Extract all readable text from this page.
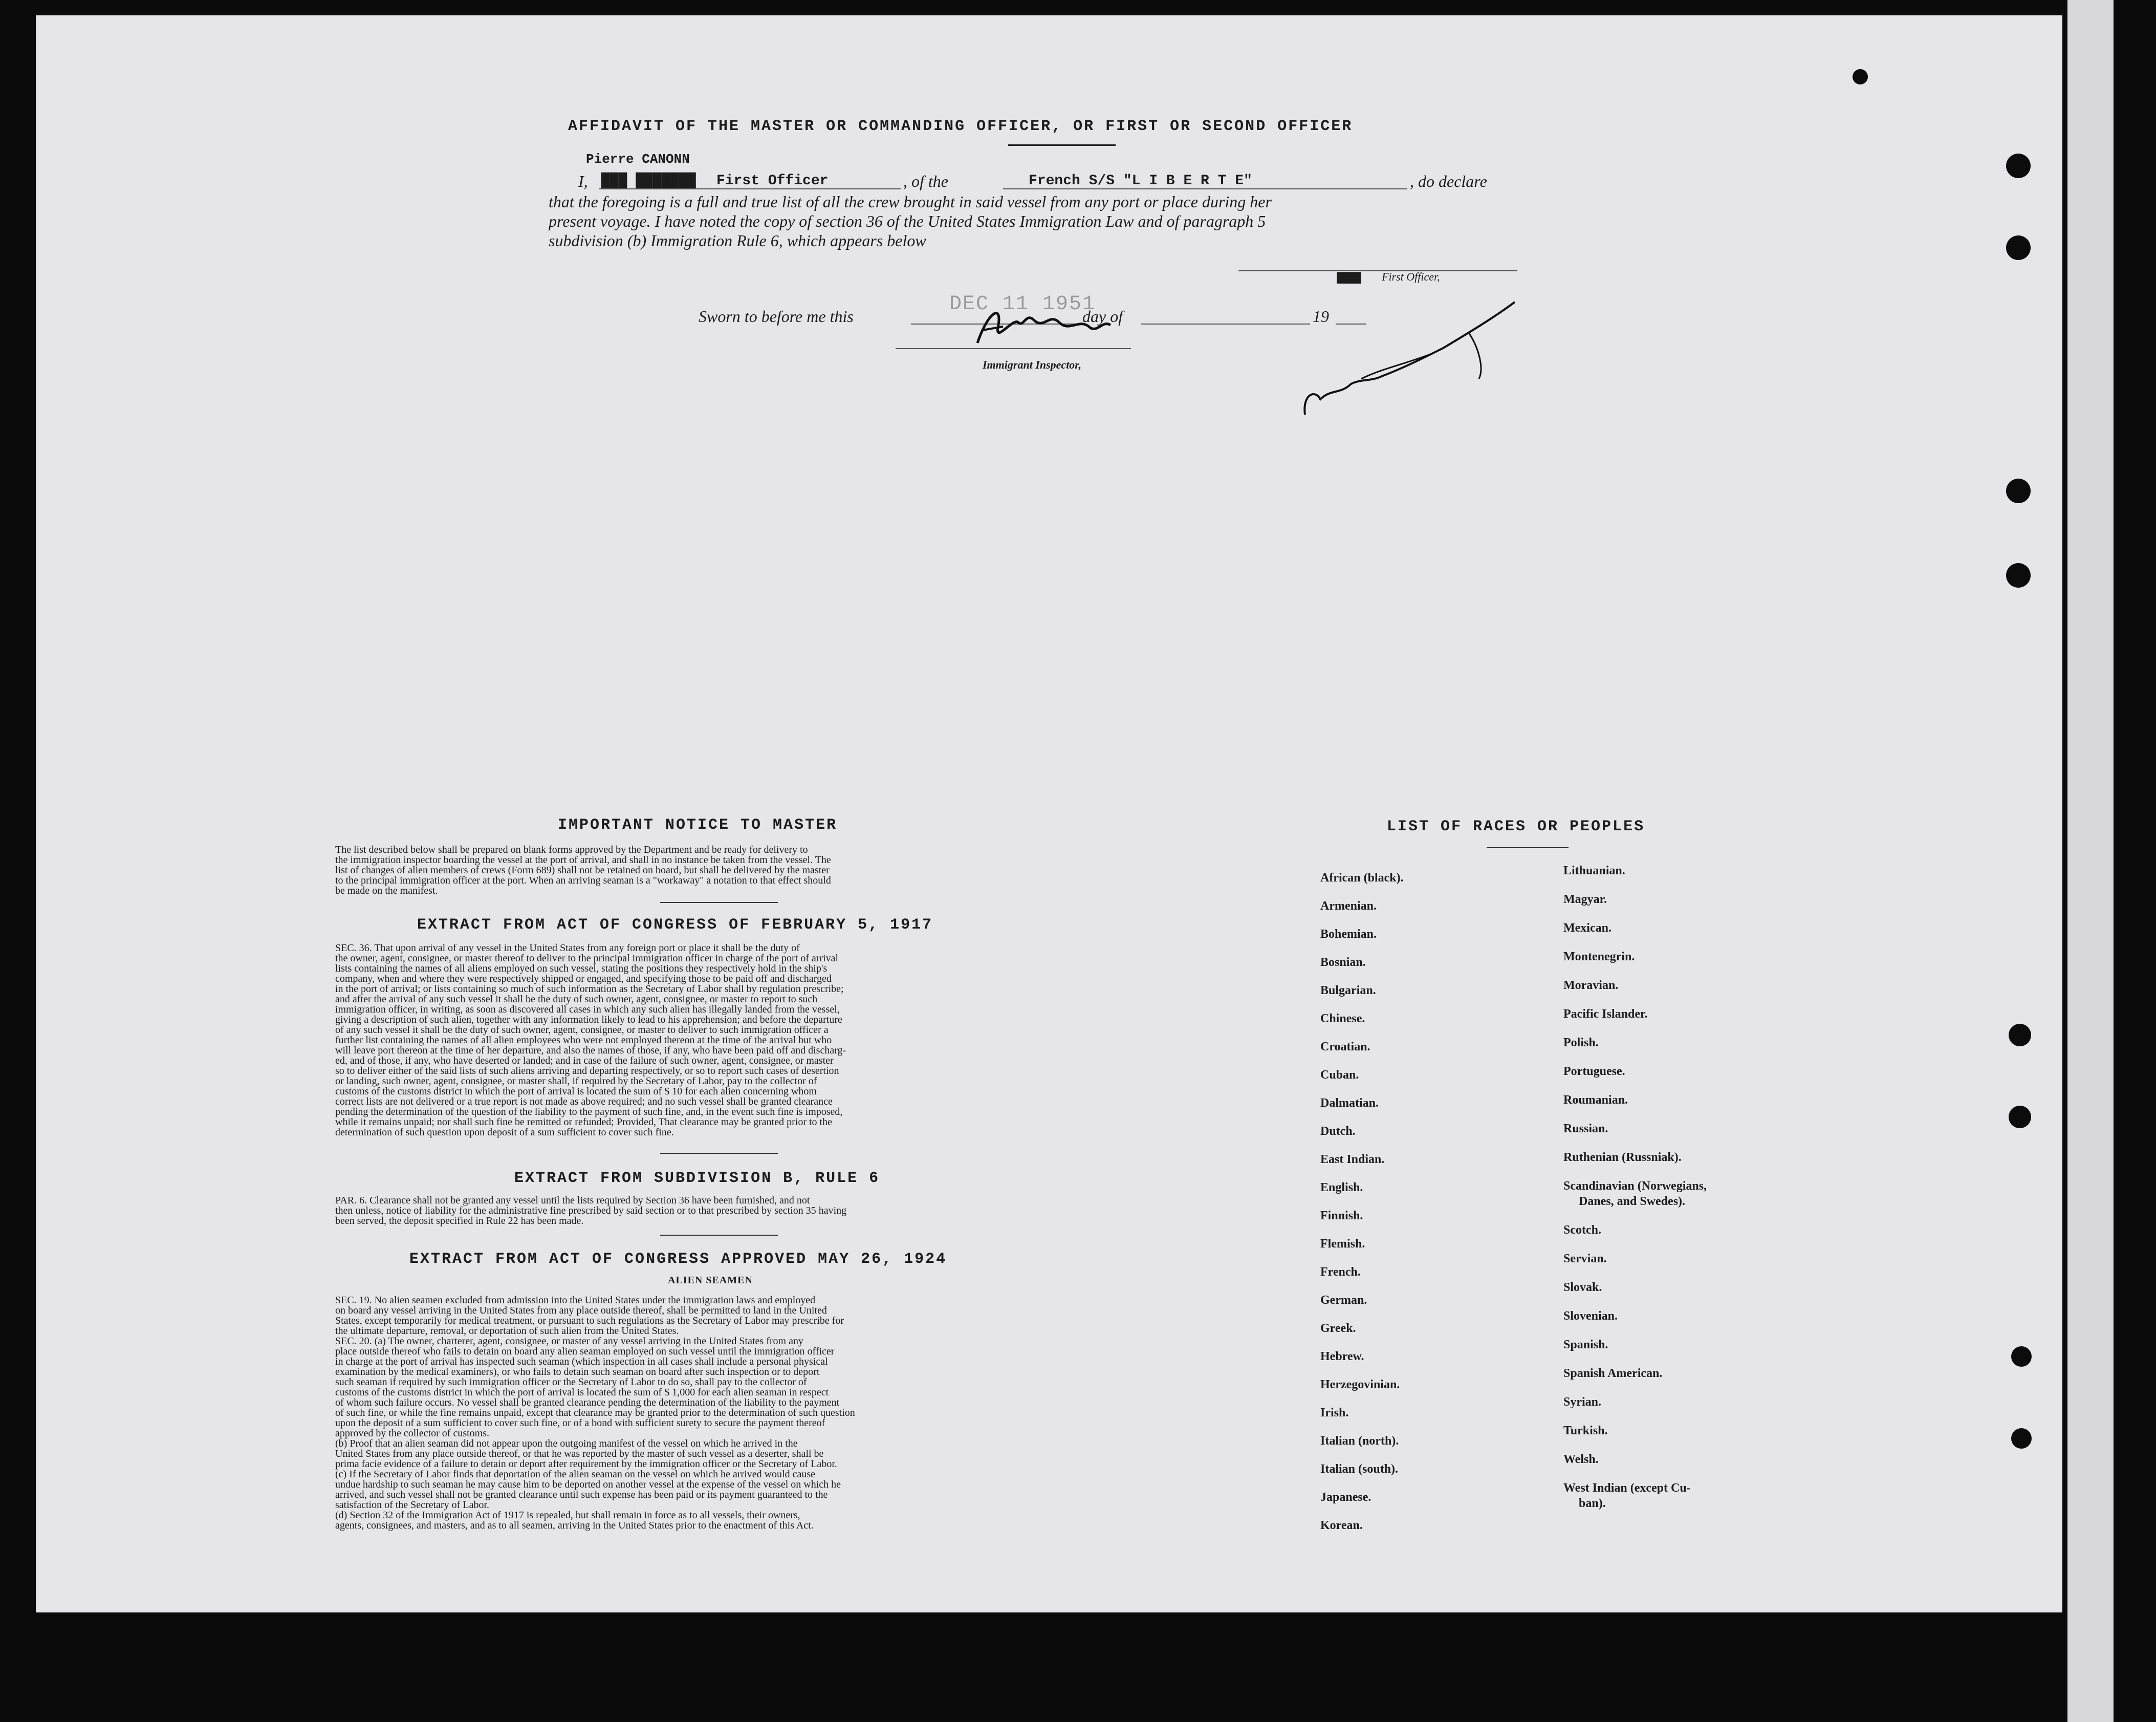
AFFIDAVIT OF THE MASTER OR COMMANDING OFFICER, OR FIRST OR SECOND OFFICER
Pierre CANONN
I, ███ ███████ First Officer	, of the	French S/S "L I B E R T E"	, do declare
that the foregoing is a full and true list of all the crew brought in said vessel from any port or place during her
present voyage. I have noted the copy of section 36 of the United States Immigration Law and of paragraph 5
subdivision (b) Immigration Rule 6, which appears below
████ First Officer,
Sworn to before me this
DEC 11 1951
day of	19
Immigrant Inspector,
IMPORTANT NOTICE TO MASTER
The list described below shall be prepared on blank forms approved by the Department and be ready for delivery to
the immigration inspector boarding the vessel at the port of arrival, and shall in no instance be taken from the vessel. The
list of changes of alien members of crews (Form 689) shall not be retained on board, but shall be delivered by the master
to the principal immigration officer at the port. When an arriving seaman is a "workaway" a notation to that effect should
be made on the manifest.
EXTRACT FROM ACT OF CONGRESS OF FEBRUARY 5, 1917
SEC. 36. That upon arrival of any vessel in the United States from any foreign port or place it shall be the duty of
the owner, agent, consignee, or master thereof to deliver to the principal immigration officer in charge of the port of arrival
lists containing the names of all aliens employed on such vessel, stating the positions they respectively hold in the ship's
company, when and where they were respectively shipped or engaged, and specifying those to be paid off and discharged
in the port of arrival; or lists containing so much of such information as the Secretary of Labor shall by regulation prescribe;
and after the arrival of any such vessel it shall be the duty of such owner, agent, consignee, or master to report to such
immigration officer, in writing, as soon as discovered all cases in which any such alien has illegally landed from the vessel,
giving a description of such alien, together with any information likely to lead to his apprehension; and before the departure
of any such vessel it shall be the duty of such owner, agent, consignee, or master to deliver to such immigration officer a
further list containing the names of all alien employees who were not employed thereon at the time of the arrival but who
will leave port thereon at the time of her departure, and also the names of those, if any, who have been paid off and discharg-
ed, and of those, if any, who have deserted or landed; and in case of the failure of such owner, agent, consignee, or master
so to deliver either of the said lists of such aliens arriving and departing respectively, or so to report such cases of desertion
or landing, such owner, agent, consignee, or master shall, if required by the Secretary of Labor, pay to the collector of
customs of the customs district in which the port of arrival is located the sum of $ 10 for each alien concerning whom
correct lists are not delivered or a true report is not made as above required; and no such vessel shall be granted clearance
pending the determination of the question of the liability to the payment of such fine, and, in the event such fine is imposed,
while it remains unpaid; nor shall such fine be remitted or refunded; Provided, That clearance may be granted prior to the
determination of such question upon deposit of a sum sufficient to cover such fine.
EXTRACT FROM SUBDIVISION B, RULE 6
PAR. 6. Clearance shall not be granted any vessel until the lists required by Section 36 have been furnished, and not
then unless, notice of liability for the administrative fine prescribed by said section or to that prescribed by section 35 having
been served, the deposit specified in Rule 22 has been made.
EXTRACT FROM ACT OF CONGRESS APPROVED MAY 26, 1924
ALIEN SEAMEN
SEC. 19. No alien seamen excluded from admission into the United States under the immigration laws and employed
on board any vessel arriving in the United States from any place outside thereof, shall be permitted to land in the United
States, except temporarily for medical treatment, or pursuant to such regulations as the Secretary of Labor may prescribe for
the ultimate departure, removal, or deportation of such alien from the United States.
SEC. 20. (a) The owner, charterer, agent, consignee, or master of any vessel arriving in the United States from any
place outside thereof who fails to detain on board any alien seaman employed on such vessel until the immigration officer
in charge at the port of arrival has inspected such seaman (which inspection in all cases shall include a personal physical
examination by the medical examiners), or who fails to detain such seaman on board after such inspection or to deport
such seaman if required by such immigration officer or the Secretary of Labor to do so, shall pay to the collector of
customs of the customs district in which the port of arrival is located the sum of $ 1,000 for each alien seaman in respect
of whom such failure occurs. No vessel shall be granted clearance pending the determination of the liability to the payment
of such fine, or while the fine remains unpaid, except that clearance may be granted prior to the determination of such question
upon the deposit of a sum sufficient to cover such fine, or of a bond with sufficient surety to secure the payment thereof
approved by the collector of customs.
(b) Proof that an alien seaman did not appear upon the outgoing manifest of the vessel on which he arrived in the
United States from any place outside thereof, or that he was reported by the master of such vessel as a deserter, shall be
prima facie evidence of a failure to detain or deport after requirement by the immigration officer or the Secretary of Labor.
(c) If the Secretary of Labor finds that deportation of the alien seaman on the vessel on which he arrived would cause
undue hardship to such seaman he may cause him to be deported on another vessel at the expense of the vessel on which he
arrived, and such vessel shall not be granted clearance until such expense has been paid or its payment guaranteed to the
satisfaction of the Secretary of Labor.
(d) Section 32 of the Immigration Act of 1917 is repealed, but shall remain in force as to all vessels, their owners,
agents, consignees, and masters, and as to all seamen, arriving in the United States prior to the enactment of this Act.
LIST OF RACES OR PEOPLES
African (black).
Armenian.
Bohemian.
Bosnian.
Bulgarian.
Chinese.
Croatian.
Cuban.
Dalmatian.
Dutch.
East Indian.
English.
Finnish.
Flemish.
French.
German.
Greek.
Hebrew.
Herzegovinian.
Irish.
Italian (north).
Italian (south).
Japanese.
Korean.
Lithuanian.
Magyar.
Mexican.
Montenegrin.
Moravian.
Pacific Islander.
Polish.
Portuguese.
Roumanian.
Russian.
Ruthenian (Russniak).
Scandinavian (Norwegians,
Danes, and Swedes).
Scotch.
Servian.
Slovak.
Slovenian.
Spanish.
Spanish American.
Syrian.
Turkish.
Welsh.
West Indian (except Cu-
ban).
